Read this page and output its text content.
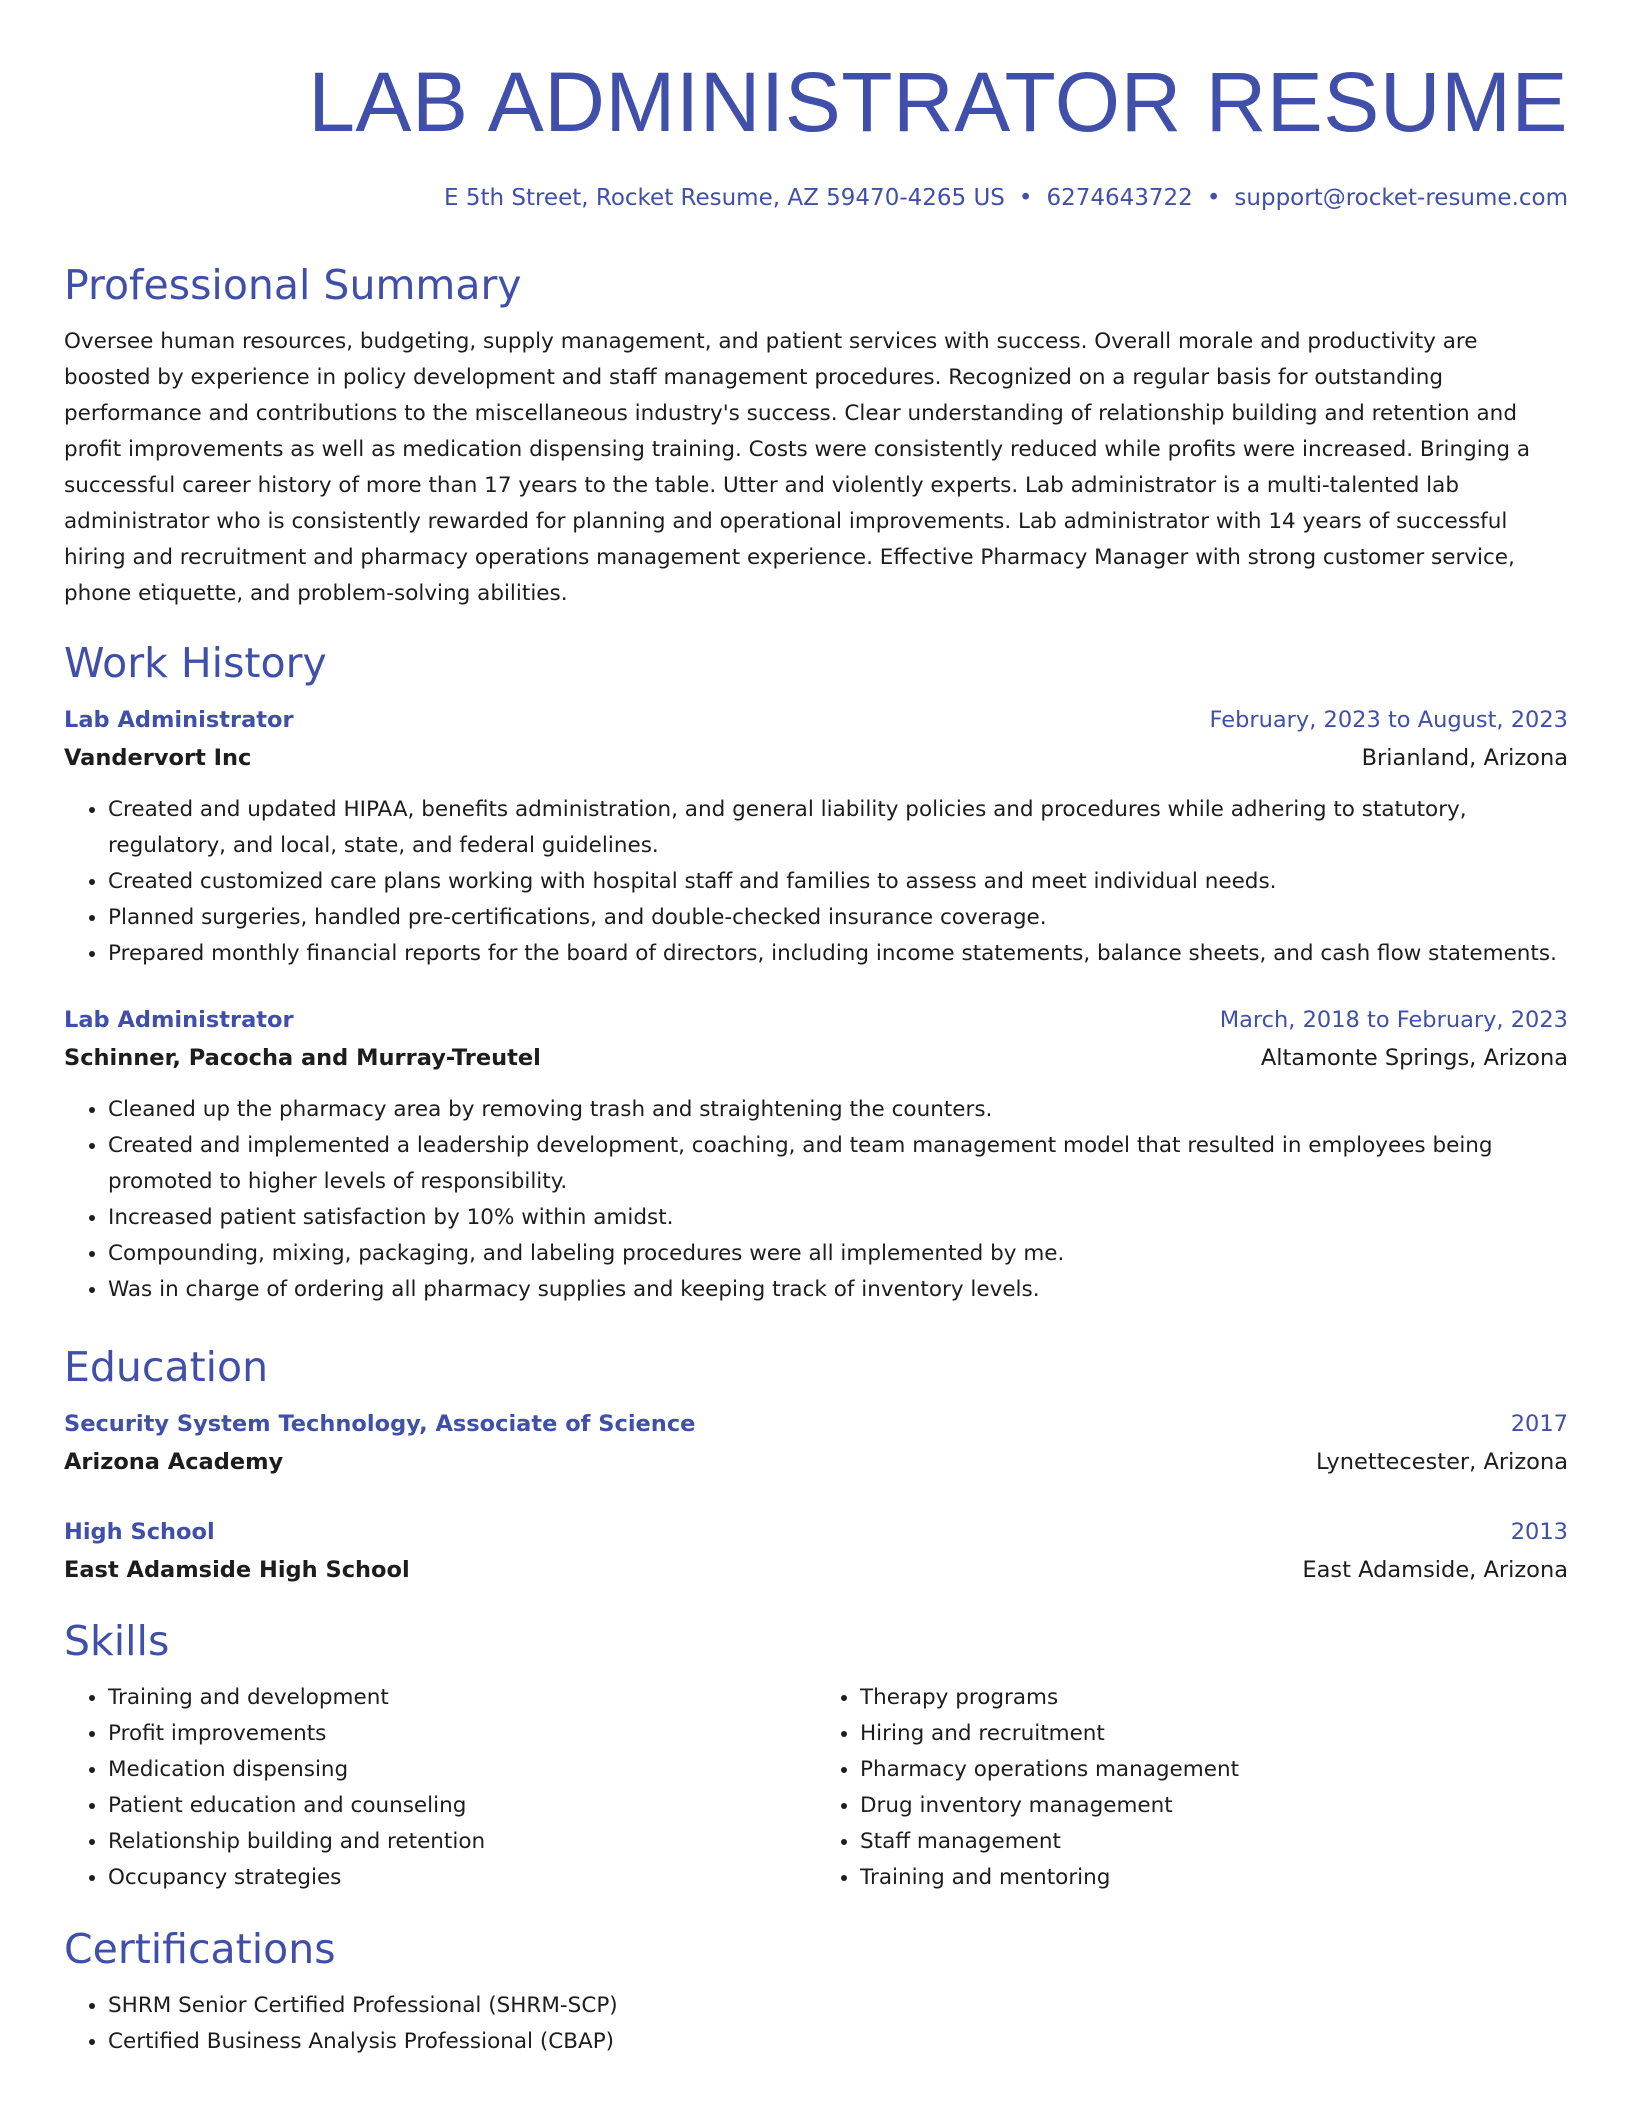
LAB ADMINISTRATOR RESUME
E 5th Street, Rocket Resume, AZ 59470-4265 US • 6274643722 • support@rocket-resume.com
Professional Summary

Oversee human resources, budgeting, supply management, and patient services with success. Overall morale and productivity are boosted by experience in policy development and staff management procedures. Recognized on a regular basis for outstanding performance and contributions to the miscellaneous industry's success. Clear understanding of relationship building and retention and profit improvements as well as medication dispensing training. Costs were consistently reduced while profits were increased. Bringing a successful career history of more than 17 years to the table. Utter and violently experts. Lab administrator is a multi-talented lab administrator who is consistently rewarded for planning and operational improvements. Lab administrator with 14 years of successful hiring and recruitment and pharmacy operations management experience. Effective Pharmacy Manager with strong customer service, phone etiquette, and problem-solving abilities.

Work History
Lab Administrator	February, 2023 to August, 2023
Vandervort Inc	Brianland, Arizona
• Created and updated HIPAA, benefits administration, and general liability policies and procedures while adhering to statutory, regulatory, and local, state, and federal guidelines.
• Created customized care plans working with hospital staff and families to assess and meet individual needs.
• Planned surgeries, handled pre-certifications, and double-checked insurance coverage.
• Prepared monthly financial reports for the board of directors, including income statements, balance sheets, and cash flow statements.
Lab Administrator	March, 2018 to February, 2023
Schinner, Pacocha and Murray-Treutel	Altamonte Springs, Arizona
• Cleaned up the pharmacy area by removing trash and straightening the counters.
• Created and implemented a leadership development, coaching, and team management model that resulted in employees being promoted to higher levels of responsibility.
• Increased patient satisfaction by 10% within amidst.
• Compounding, mixing, packaging, and labeling procedures were all implemented by me.
• Was in charge of ordering all pharmacy supplies and keeping track of inventory levels.
Education
Security System Technology, Associate of Science	2017
Arizona Academy	Lynettecester, Arizona
High School	2013
East Adamside High School	East Adamside, Arizona
Skills
• Training and development
• Profit improvements
• Medication dispensing
• Patient education and counseling
• Relationship building and retention
• Occupancy strategies
• Therapy programs
• Hiring and recruitment
• Pharmacy operations management
• Drug inventory management
• Staff management
• Training and mentoring
Certifications
• SHRM Senior Certified Professional (SHRM-SCP)
• Certified Business Analysis Professional (CBAP)
